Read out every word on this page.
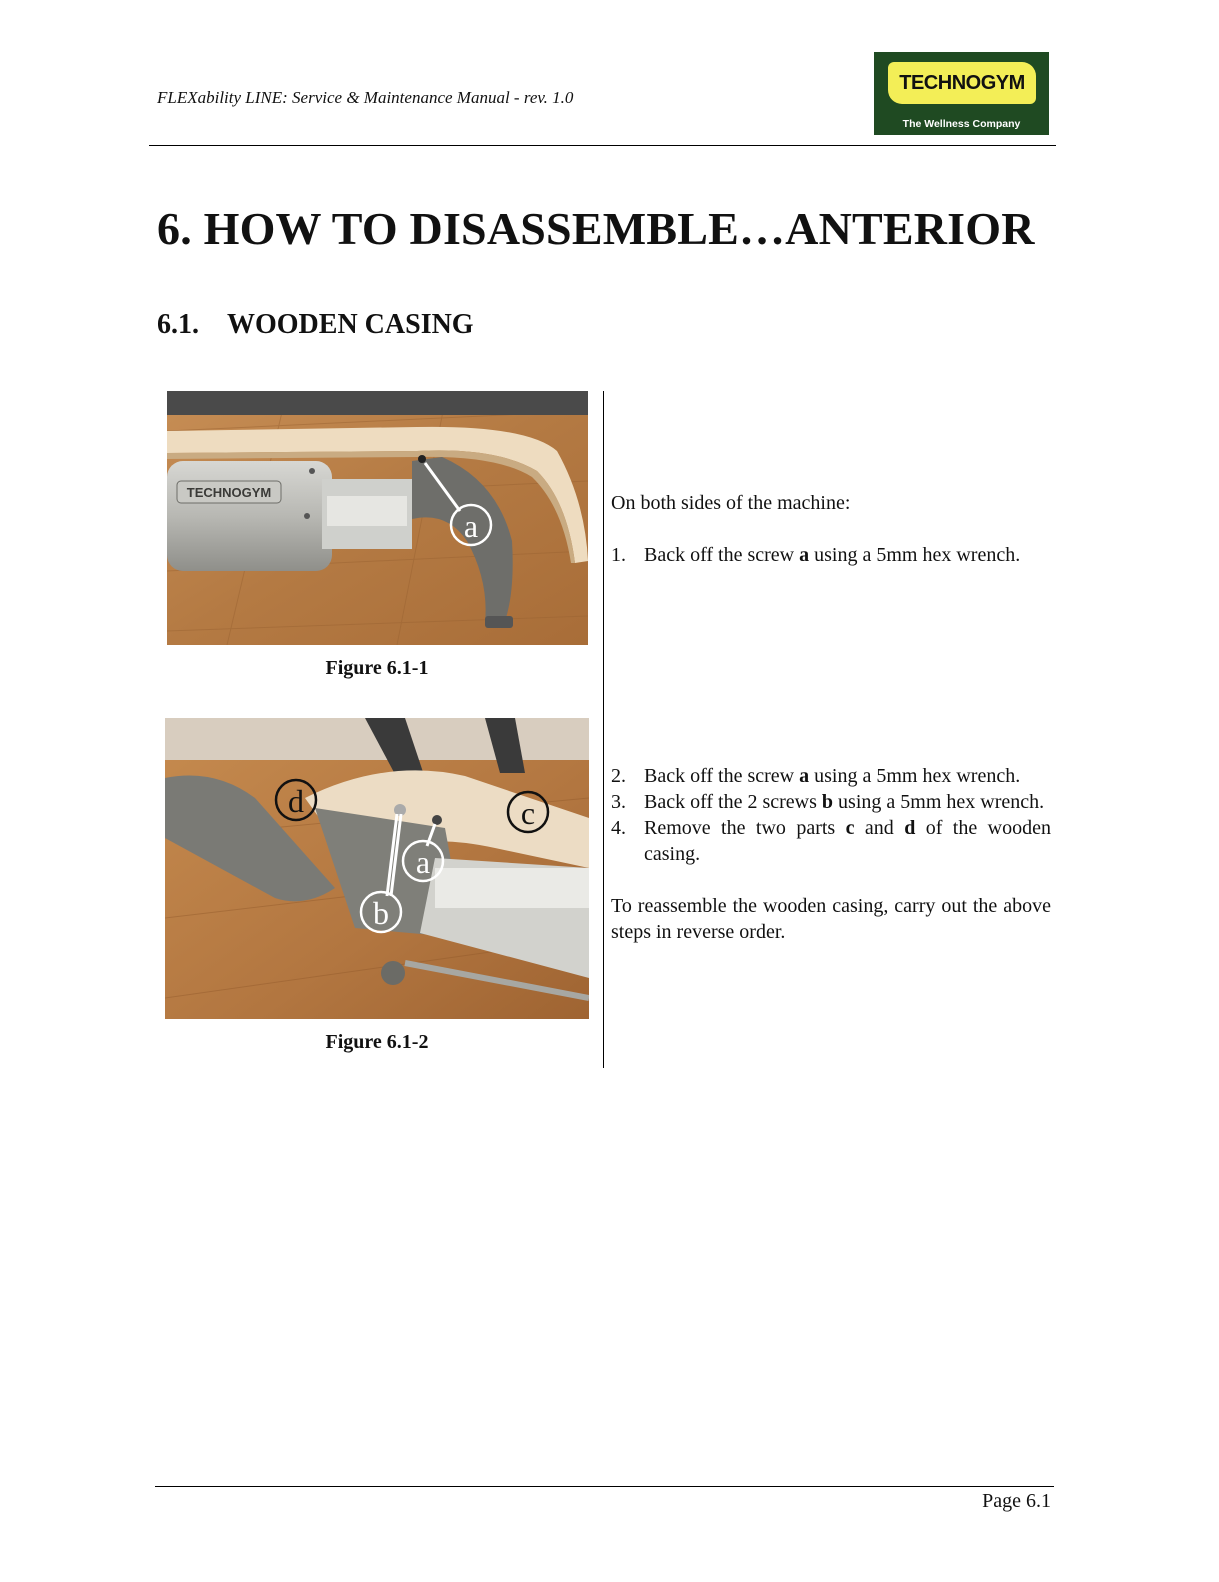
FLEXability LINE: Service & Maintenance Manual - rev. 1.0
TECHNOGYM
The Wellness Company
6. HOW TO DISASSEMBLE…ANTERIOR
6.1. WOODEN CASING
TECHNOGYM
a
Figure 6.1-1
d	c
a
b
Figure 6.1-2

On both sides of the machine:

1. Back off the screw a using a 5mm hex wrench.
2. Back off the screw a using a 5mm hex wrench.
3. Back off the 2 screws b using a 5mm hex wrench.
4. Remove the two parts c and d of the wooden casing.

To reassemble the wooden casing, carry out the above steps in reverse order.

Page 6.1
